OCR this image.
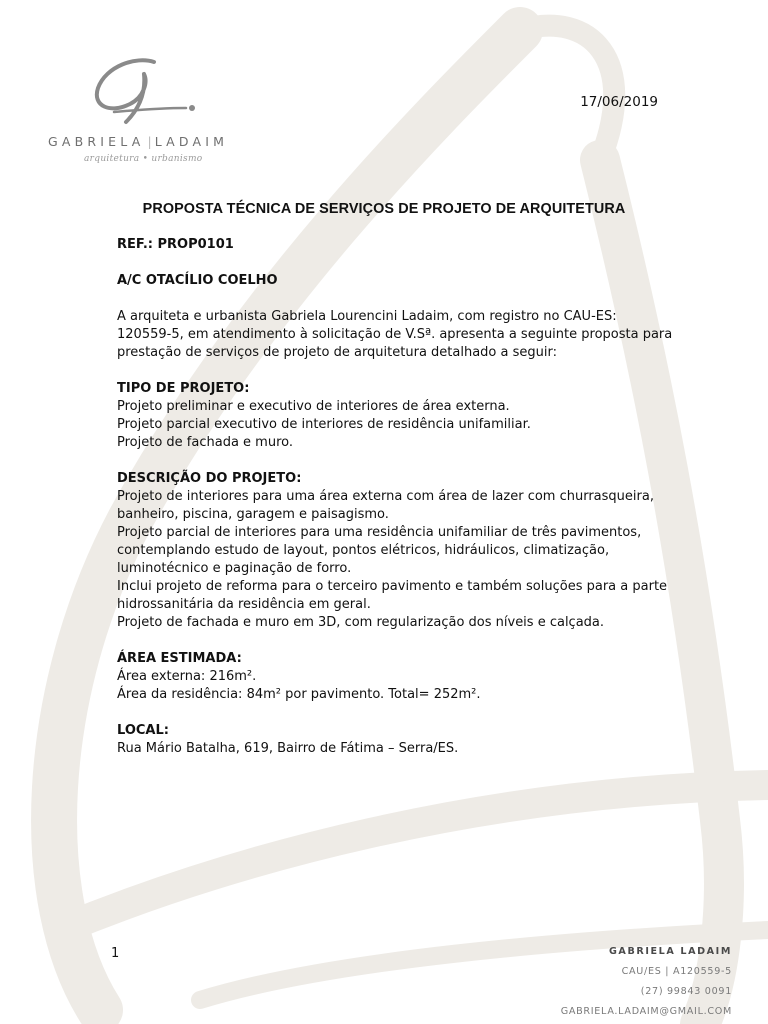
GABRIELA | LADAIM
arquitetura • urbanismo
17/06/2019
PROPOSTA TÉCNICA DE SERVIÇOS DE PROJETO DE ARQUITETURA

REF.: PROP0101

A/C OTACÍLIO COELHO

A arquiteta e urbanista Gabriela Lourencini Ladaim, com registro no CAU-ES:

120559-5, em atendimento à solicitação de V.Sª. apresenta a seguinte proposta para

prestação de serviços de projeto de arquitetura detalhado a seguir:

TIPO DE PROJETO:

Projeto preliminar e executivo de interiores de área externa.

Projeto parcial executivo de interiores de residência unifamiliar.

Projeto de fachada e muro.

DESCRIÇÃO DO PROJETO:

Projeto de interiores para uma área externa com área de lazer com churrasqueira,

banheiro, piscina, garagem e paisagismo.

Projeto parcial de interiores para uma residência unifamiliar de três pavimentos,

contemplando estudo de layout, pontos elétricos, hidráulicos, climatização,

luminotécnico e paginação de forro.

Inclui projeto de reforma para o terceiro pavimento e também soluções para a parte

hidrossanitária da residência em geral.

Projeto de fachada e muro em 3D, com regularização dos níveis e calçada.

ÁREA ESTIMADA:

Área externa: 216m².

Área da residência: 84m² por pavimento. Total= 252m².

LOCAL:

Rua Mário Batalha, 619, Bairro de Fátima – Serra/ES.

1	GABRIELA LADAIM
CAU/ES | A120559-5
(27) 99843 0091
GABRIELA.LADAIM@GMAIL.COM
